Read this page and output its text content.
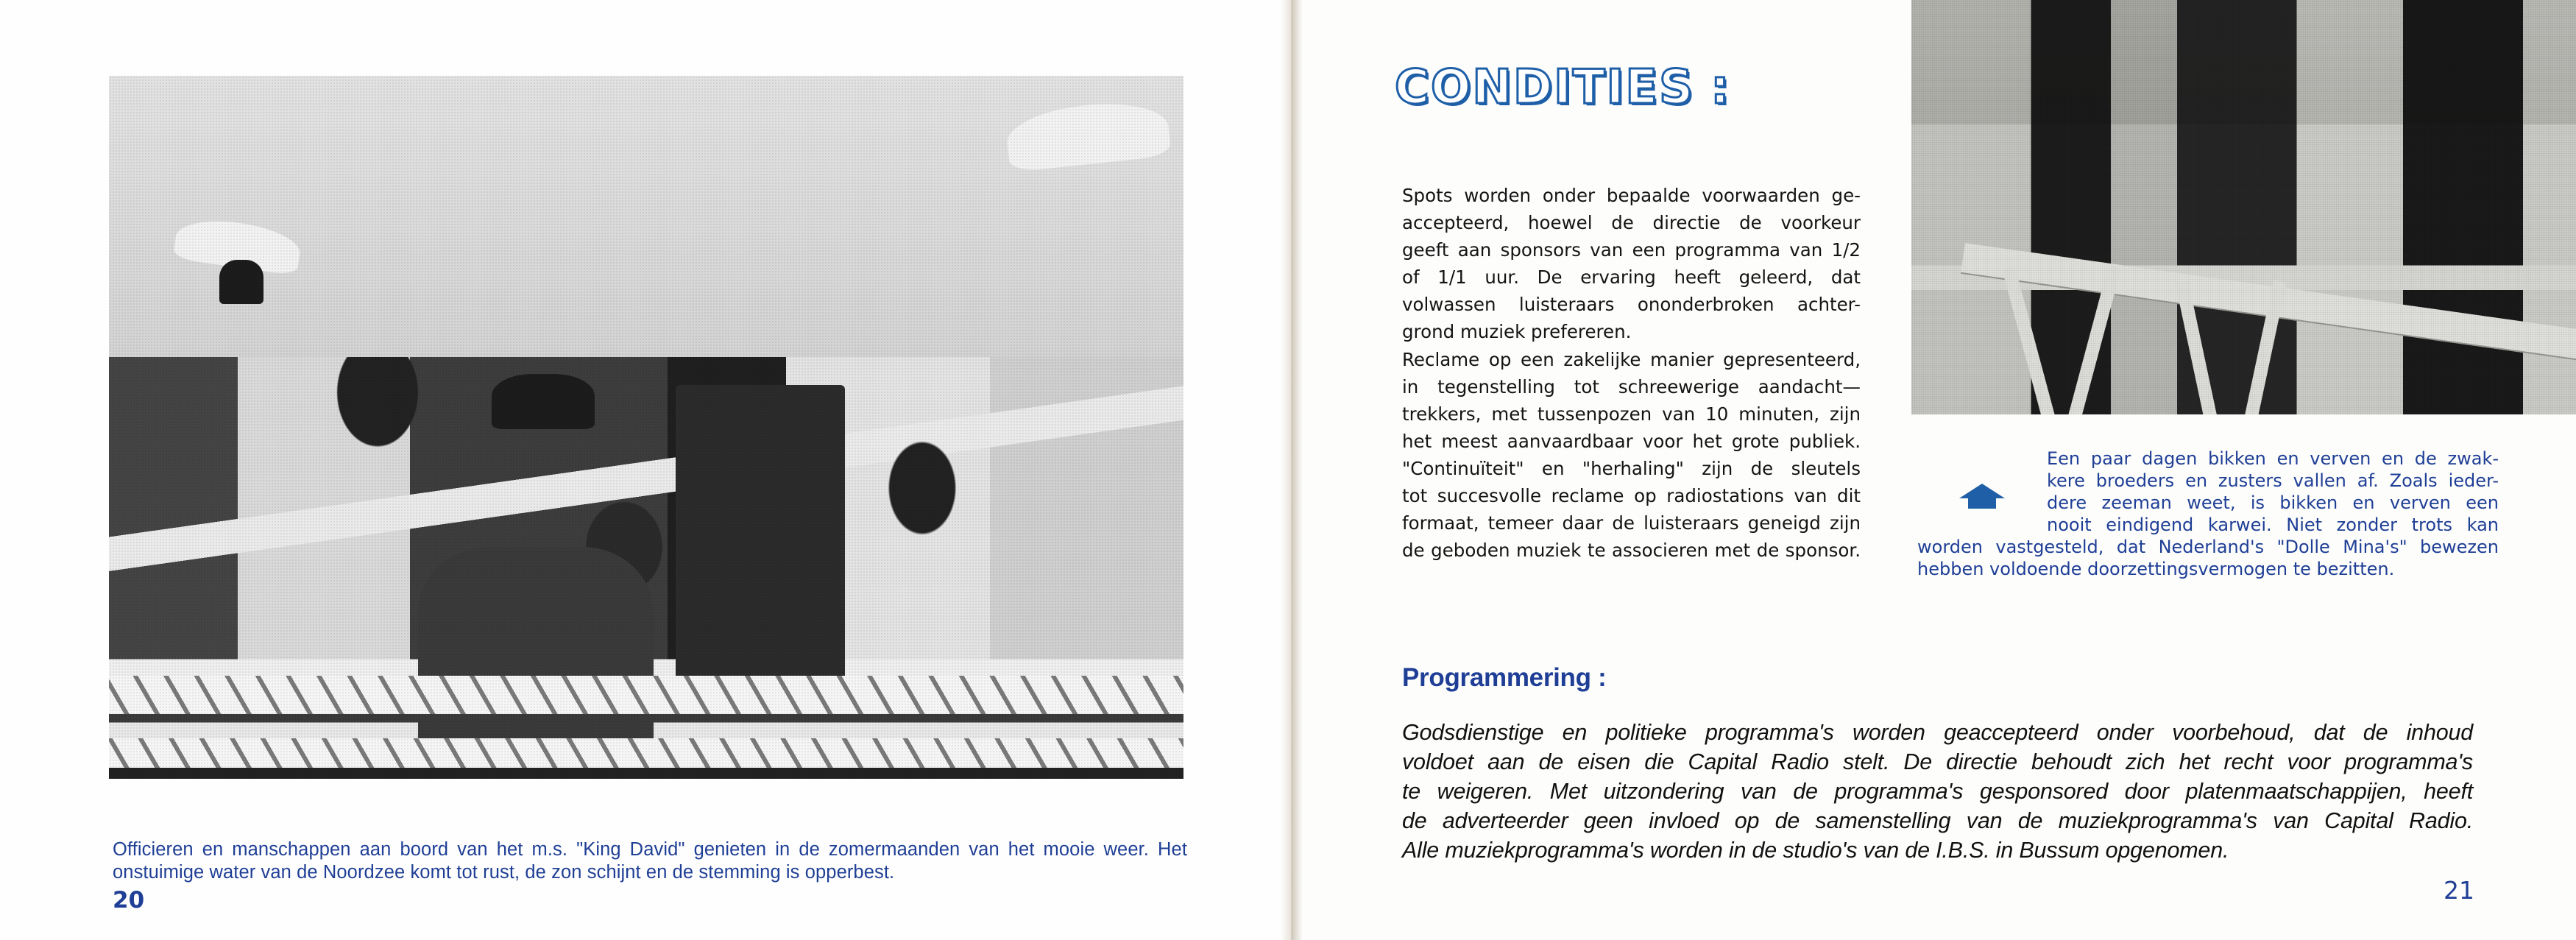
Officieren en manschappen aan boord van het m.s. "King David" genieten in de zomermaanden van het mooie weer. Het onstuimige water van de Noordzee komt tot rust, de zon schijnt en de stemming is opperbest.
20
CONDITIES :
Spots worden onder bepaalde voorwaarden ge-
accepteerd, hoewel de directie de voorkeur
geeft aan sponsors van een programma van 1/2
of 1/1 uur. De ervaring heeft geleerd, dat
volwassen luisteraars ononderbroken achter-
grond muziek prefereren.
Reclame op een zakelijke manier gepresenteerd,
in tegenstelling tot schreewerige aandacht—
trekkers, met tussenpozen van 10 minuten, zijn
het meest aanvaardbaar voor het grote publiek.
"Continuïteit" en "herhaling" zijn de sleutels
tot succesvolle reclame op radiostations van dit
formaat, temeer daar de luisteraars geneigd zijn
de geboden muziek te associeren met de sponsor.
Een paar dagen bikken en verven en de zwak-
kere broeders en zusters vallen af. Zoals ieder-
dere zeeman weet, is bikken en verven een
nooit eindigend karwei. Niet zonder trots kan
worden vastgesteld, dat Nederland's "Dolle Mina's" bewezen
hebben voldoende doorzettingsvermogen te bezitten.
Programmering :
Godsdienstige en politieke programma's worden geaccepteerd onder voorbehoud, dat de inhoud
voldoet aan de eisen die Capital Radio stelt. De directie behoudt zich het recht voor programma's
te weigeren. Met uitzondering van de programma's gesponsored door platenmaatschappijen, heeft
de adverteerder geen invloed op de samenstelling van de muziekprogramma's van Capital Radio.
Alle muziekprogramma's worden in de studio's van de I.B.S. in Bussum opgenomen.
21
